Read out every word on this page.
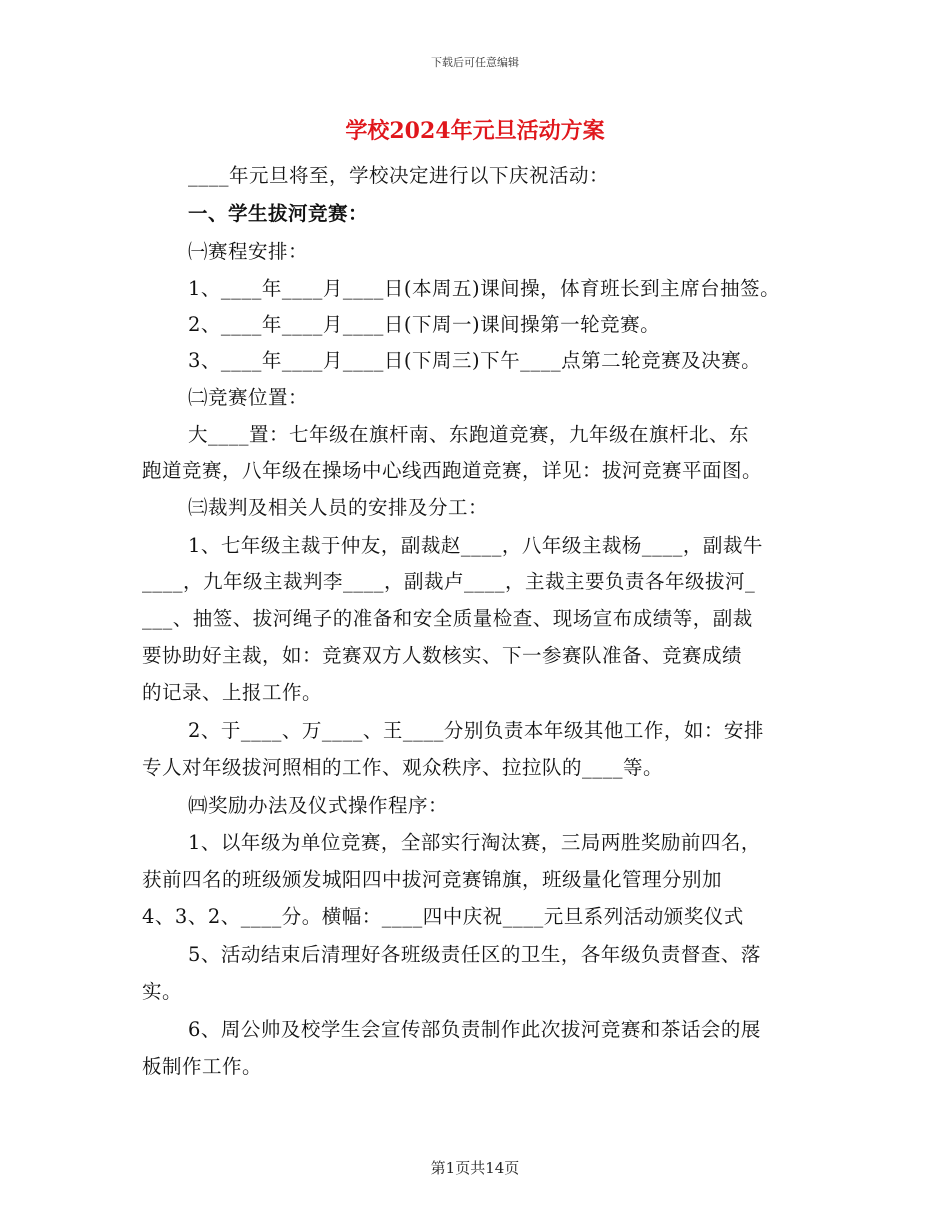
下载后可任意编辑
学校2024年元旦活动方案
____年元旦将至，学校决定进行以下庆祝活动：
一、学生拔河竞赛：
㈠赛程安排：
1、____年____月____日(本周五)课间操，体育班长到主席台抽签。
2、____年____月____日(下周一)课间操第一轮竞赛。
3、____年____月____日(下周三)下午____点第二轮竞赛及决赛。
㈡竞赛位置：
大____置：七年级在旗杆南、东跑道竞赛，九年级在旗杆北、东
跑道竞赛，八年级在操场中心线西跑道竞赛，详见：拔河竞赛平面图。
㈢裁判及相关人员的安排及分工：
1、七年级主裁于仲友，副裁赵____，八年级主裁杨____，副裁牛
____，九年级主裁判李____，副裁卢____，主裁主要负责各年级拔河_
___、抽签、拔河绳子的准备和安全质量检查、现场宣布成绩等，副裁
要协助好主裁，如：竞赛双方人数核实、下一参赛队准备、竞赛成绩
的记录、上报工作。
2、于____、万____、王____分别负责本年级其他工作，如：安排
专人对年级拔河照相的工作、观众秩序、拉拉队的____等。
㈣奖励办法及仪式操作程序：
1、以年级为单位竞赛，全部实行淘汰赛，三局两胜奖励前四名，
获前四名的班级颁发城阳四中拔河竞赛锦旗，班级量化管理分别加
4、3、2、____分。横幅：____四中庆祝____元旦系列活动颁奖仪式
5、活动结束后清理好各班级责任区的卫生，各年级负责督查、落
实。
6、周公帅及校学生会宣传部负责制作此次拔河竞赛和茶话会的展
板制作工作。
第1页共14页
